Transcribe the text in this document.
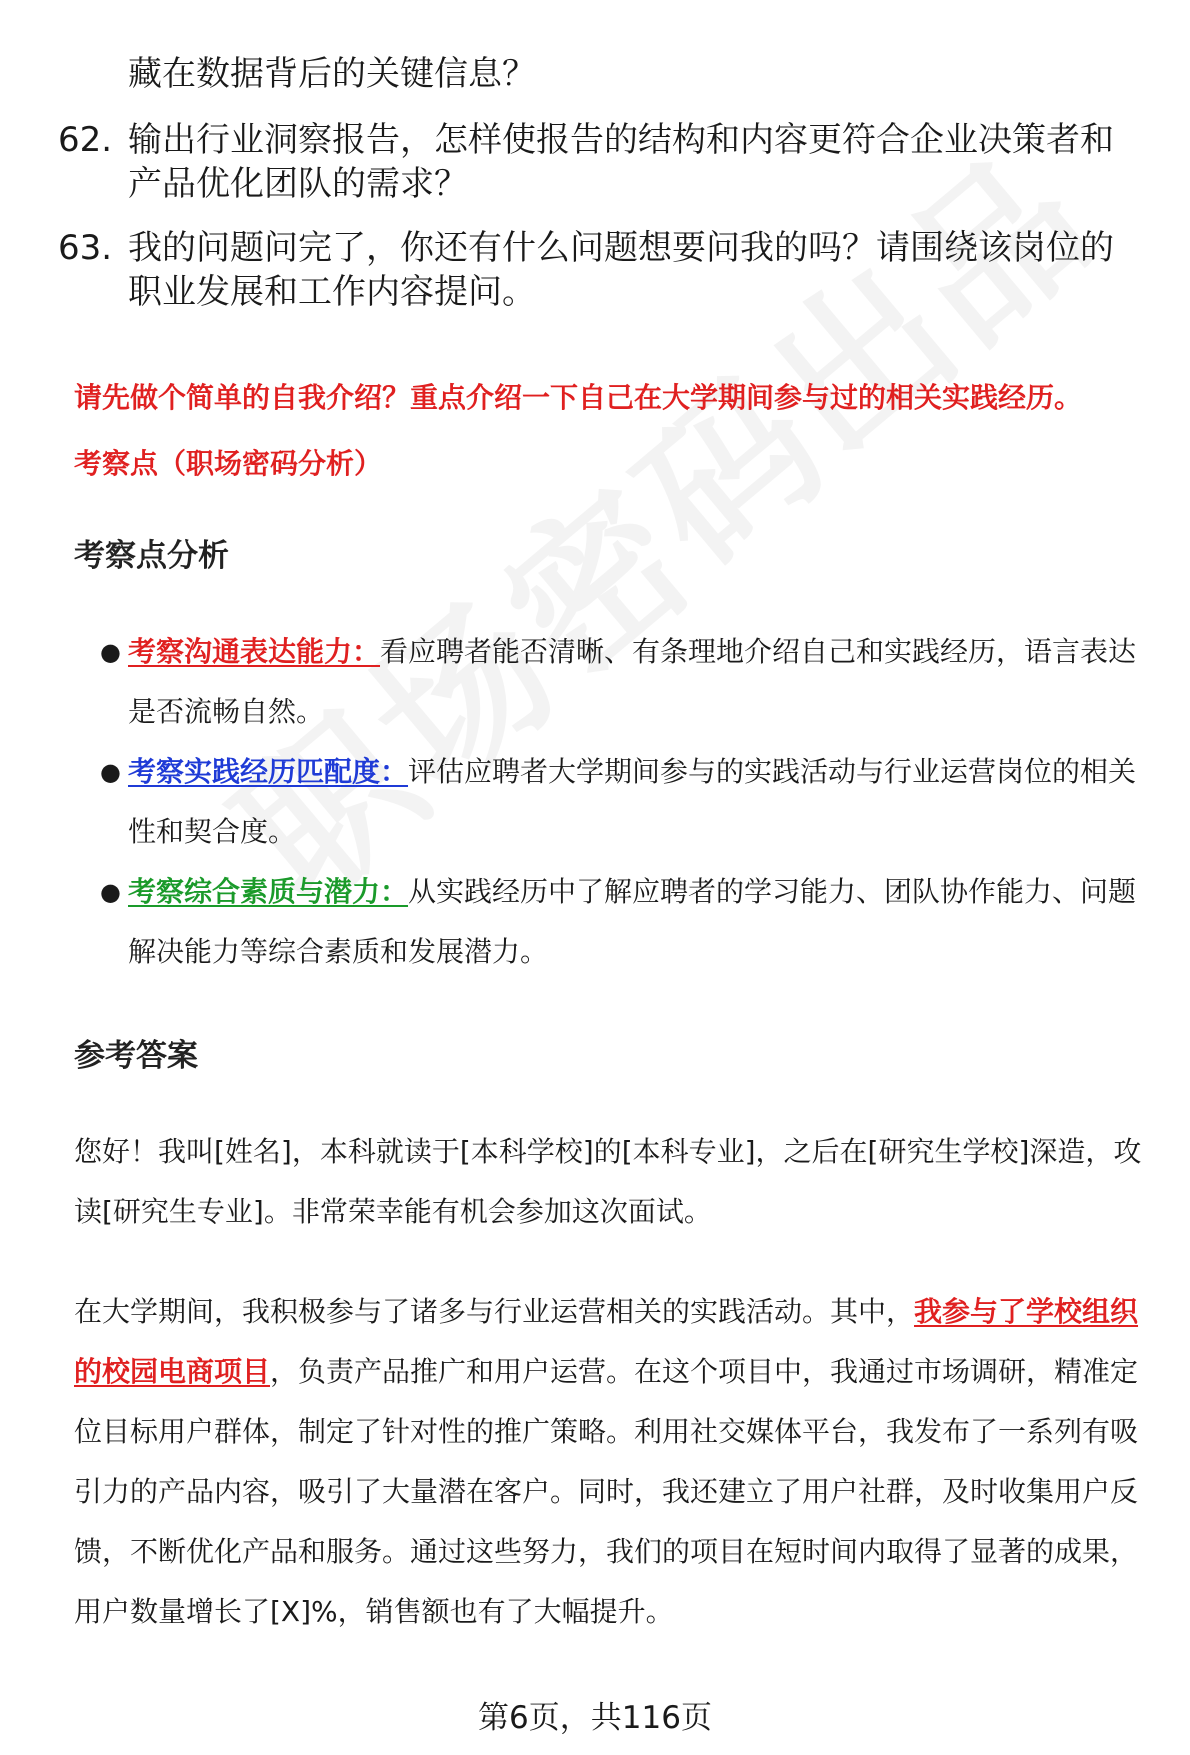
藏在数据背后的关键信息？
62. 输出行业洞察报告，怎样使报告的结构和内容更符合企业决策者和产品优化团队的需求？
63. 我的问题问完了，你还有什么问题想要问我的吗？请围绕该岗位的职业发展和工作内容提问。
请先做个简单的自我介绍？重点介绍一下自己在大学期间参与过的相关实践经历。
考察点（职场密码分析）
考察点分析
● 考察沟通表达能力：看应聘者能否清晰、有条理地介绍自己和实践经历，语言表达是否流畅自然。
● 考察实践经历匹配度：评估应聘者大学期间参与的实践活动与行业运营岗位的相关性和契合度。
● 考察综合素质与潜力：从实践经历中了解应聘者的学习能力、团队协作能力、问题解决能力等综合素质和发展潜力。
参考答案
您好！我叫[姓名]，本科就读于[本科学校]的[本科专业]，之后在[研究生学校]深造，攻读[研究生专业]。非常荣幸能有机会参加这次面试。
在大学期间，我积极参与了诸多与行业运营相关的实践活动。其中，我参与了学校组织的校园电商项目，负责产品推广和用户运营。在这个项目中，我通过市场调研，精准定位目标用户群体，制定了针对性的推广策略。利用社交媒体平台，我发布了一系列有吸引力的产品内容，吸引了大量潜在客户。同时，我还建立了用户社群，及时收集用户反馈，不断优化产品和服务。通过这些努力，我们的项目在短时间内取得了显著的成果，用户数量增长了[X]%，销售额也有了大幅提升。
第6页，共116页
